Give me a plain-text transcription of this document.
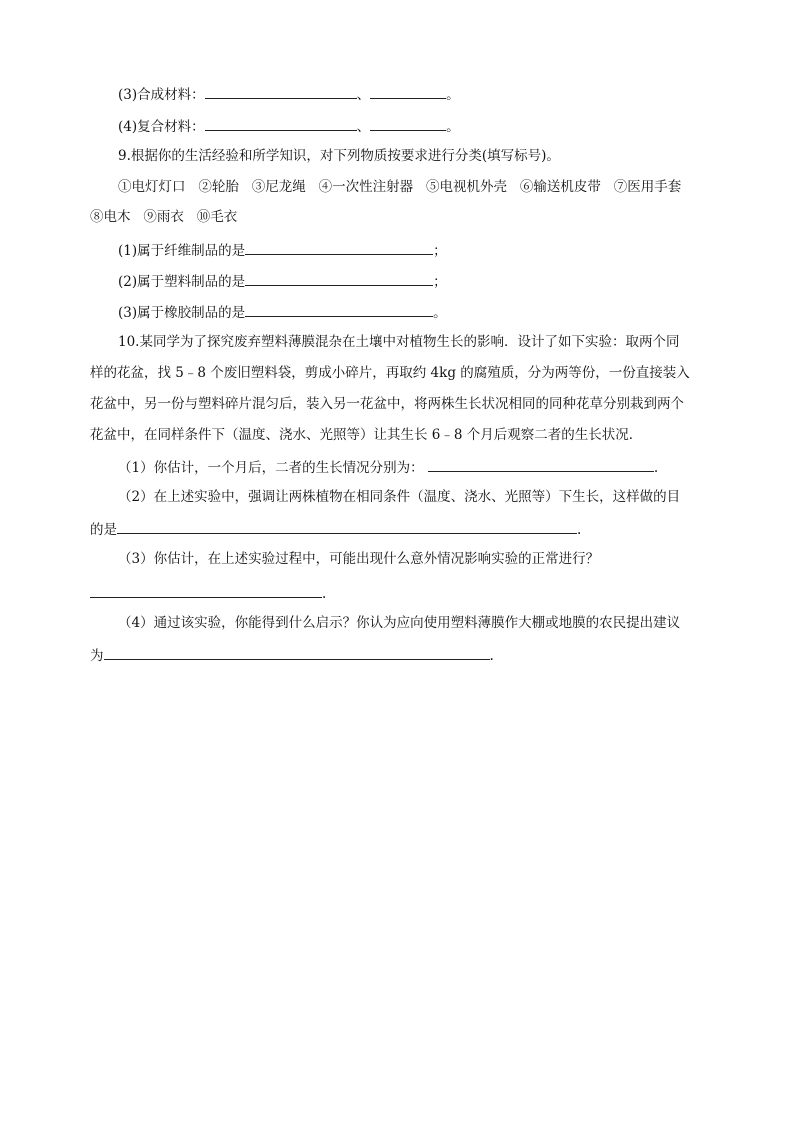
(3)合成材料：	、	。
(4)复合材料：	、	。
9.根据你的生活经验和所学知识，对下列物质按要求进行分类(填写标号)。
①电灯灯口 ②轮胎 ③尼龙绳 ④一次性注射器 ⑤电视机外壳 ⑥输送机皮带 ⑦医用手套
⑧电木 ⑨雨衣 ⑩毛衣
(1)属于纤维制品的是	；
(2)属于塑料制品的是	；
(3)属于橡胶制品的是	。
10.某同学为了探究废弃塑料薄膜混杂在土壤中对植物生长的影响．设计了如下实验：取两个同
样的花盆，找 5﹣8 个废旧塑料袋，剪成小碎片，再取约 4kg 的腐殖质，分为两等份，一份直接装入
花盆中，另一份与塑料碎片混匀后，装入另一花盆中，将两株生长状况相同的同种花草分别栽到两个
花盆中，在同样条件下（温度、浇水、光照等）让其生长 6﹣8 个月后观察二者的生长状况．
（1）你估计，一个月后，二者的生长情况分别为：	.
（2）在上述实验中，强调让两株植物在相同条件（温度、浇水、光照等）下生长，这样做的目
的是	.
（3）你估计，在上述实验过程中，可能出现什么意外情况影响实验的正常进行？
.
（4）通过该实验，你能得到什么启示？你认为应向使用塑料薄膜作大棚或地膜的农民提出建议
为	.
